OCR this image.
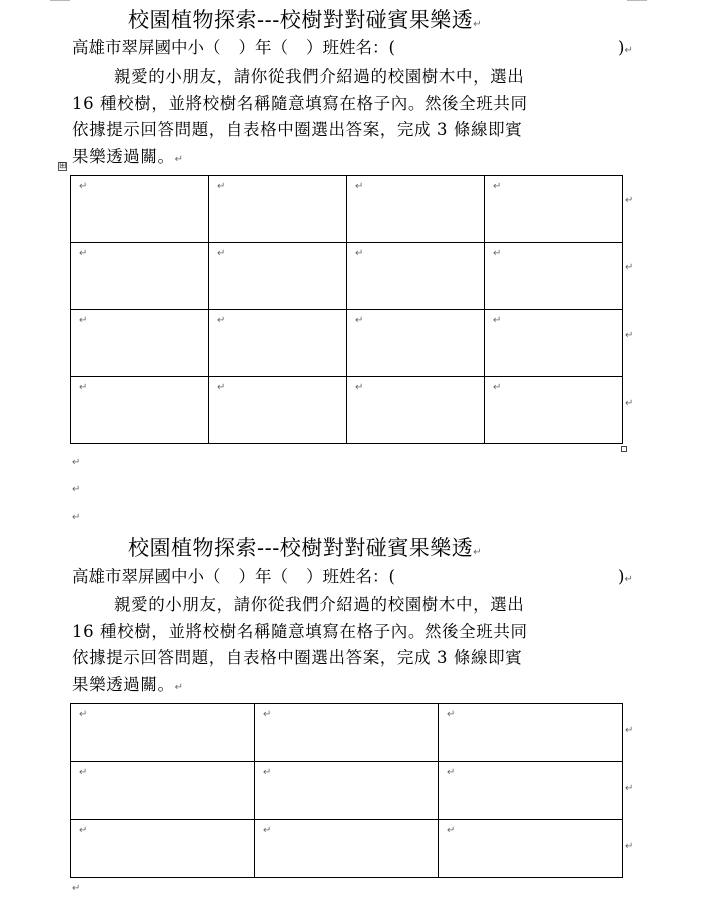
校園植物探索---校樹對對碰賓果樂透↵
高雄市翠屏國中小（ ）年（ ）班姓名：(	)↵
親愛的小朋友，請你從我們介紹過的校園樹木中，選出
16 種校樹，並將校樹名稱隨意填寫在格子內。然後全班共同
依據提示回答問題，自表格中圈選出答案，完成 3 條線即賓
果樂透過關。↵
⊞
↵	↵	↵	↵

↵	↵	↵	↵

↵	↵	↵	↵

↵	↵	↵	↵
↵
↵
↵
↵
↵
↵
↵
校園植物探索---校樹對對碰賓果樂透↵
高雄市翠屏國中小（ ）年（ ）班姓名：(	)↵
親愛的小朋友，請你從我們介紹過的校園樹木中，選出
16 種校樹，並將校樹名稱隨意填寫在格子內。然後全班共同
依據提示回答問題，自表格中圈選出答案，完成 3 條線即賓
果樂透過關。↵
↵	↵	↵

↵	↵	↵

↵	↵	↵
↵
↵
↵
↵
